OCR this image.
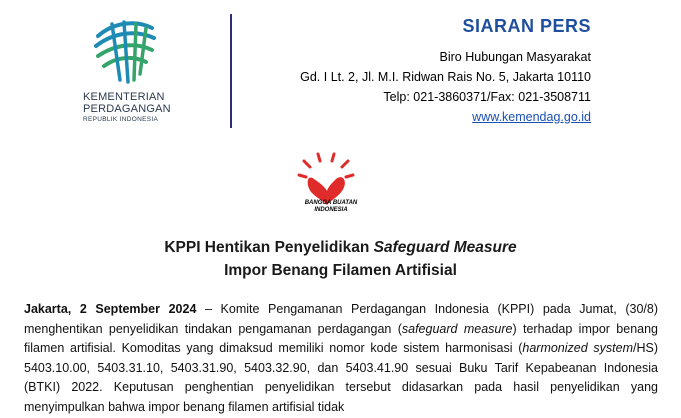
KEMENTERIAN
PERDAGANGAN
REPUBLIK INDONESIA
SIARAN PERS
Biro Hubungan Masyarakat
Gd. I Lt. 2, Jl. M.I. Ridwan Rais No. 5, Jakarta 10110
Telp: 021-3860371/Fax: 021-3508711
www.kemendag.go.id
BANGGA BUATAN
INDONESIA
KPPI Hentikan Penyelidikan Safeguard Measure
Impor Benang Filamen Artifisial
Jakarta, 2 September 2024 – Komite Pengamanan Perdagangan Indonesia (KPPI) pada Jumat, (30/8) menghentikan penyelidikan tindakan pengamanan perdagangan (safeguard measure) terhadap impor benang filamen artifisial. Komoditas yang dimaksud memiliki nomor kode sistem harmonisasi (harmonized system/HS) 5403.10.00, 5403.31.10, 5403.31.90, 5403.32.90, dan 5403.41.90 sesuai Buku Tarif Kepabeanan Indonesia (BTKI) 2022. Keputusan penghentian penyelidikan tersebut didasarkan pada hasil penyelidikan yang menyimpulkan bahwa impor benang filamen artifisial tidak
